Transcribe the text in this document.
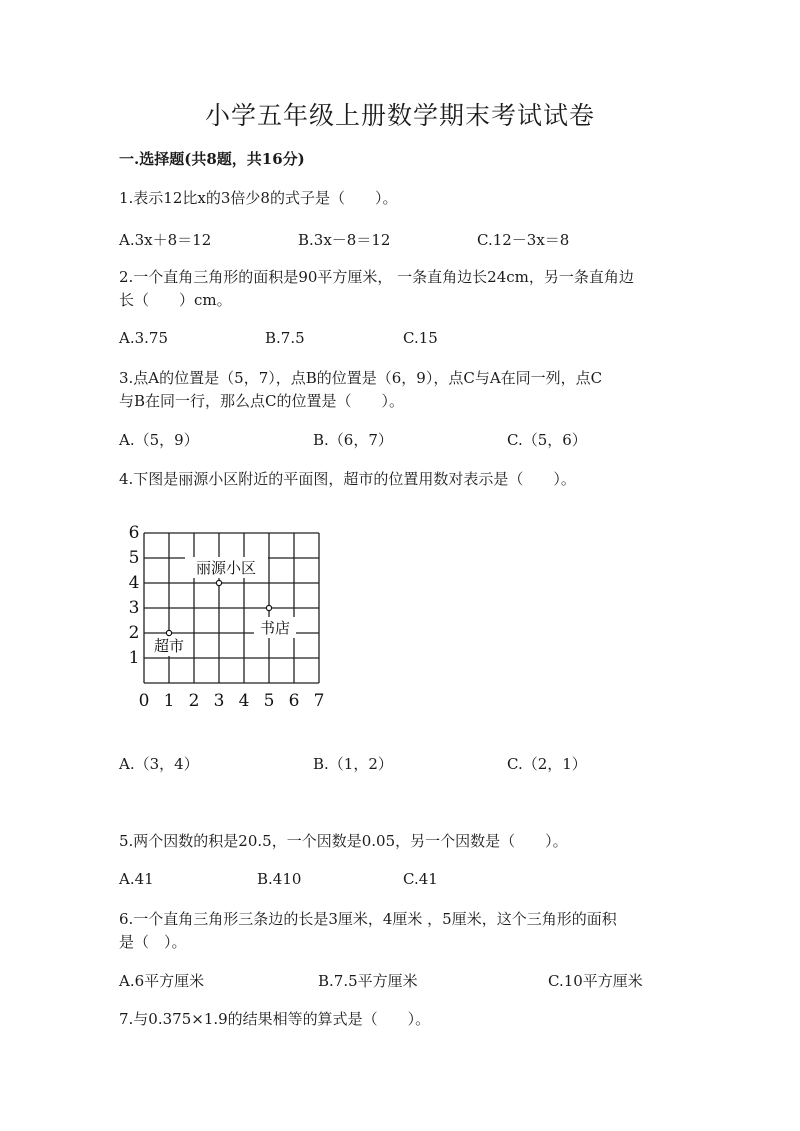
小学五年级上册数学期末考试试卷
一.选择题(共8题，共16分)
1.表示12比x的3倍少8的式子是（　　）。
A.3x＋8＝12	B.3x－8＝12	C.12－3x＝8
2.一个直角三角形的面积是90平方厘米， 一条直角边长24cm，另一条直角边
长（　　）cm。
A.3.75	B.7.5	C.15
3.点A的位置是（5，7），点B的位置是（6，9），点C与A在同一列，点C
与B在同一行，那么点C的位置是（　　）。
A.（5，9）	B.（6，7）	C.（5，6）
4.下图是丽源小区附近的平面图，超市的位置用数对表示是（　　）。
0 1 2 3 4 5 6 7
1
2
3
4
5
6
丽源小区
书店
超市
A.（3，4）	B.（1，2）	C.（2，1）
5.两个因数的积是20.5，一个因数是0.05，另一个因数是（　　）。
A.41	B.410	C.41
6.一个直角三角形三条边的长是3厘米，4厘米 ，5厘米，这个三角形的面积
是（　）。
A.6平方厘米	B.7.5平方厘米	C.10平方厘米
7.与0.375×1.9的结果相等的算式是（　　）。
